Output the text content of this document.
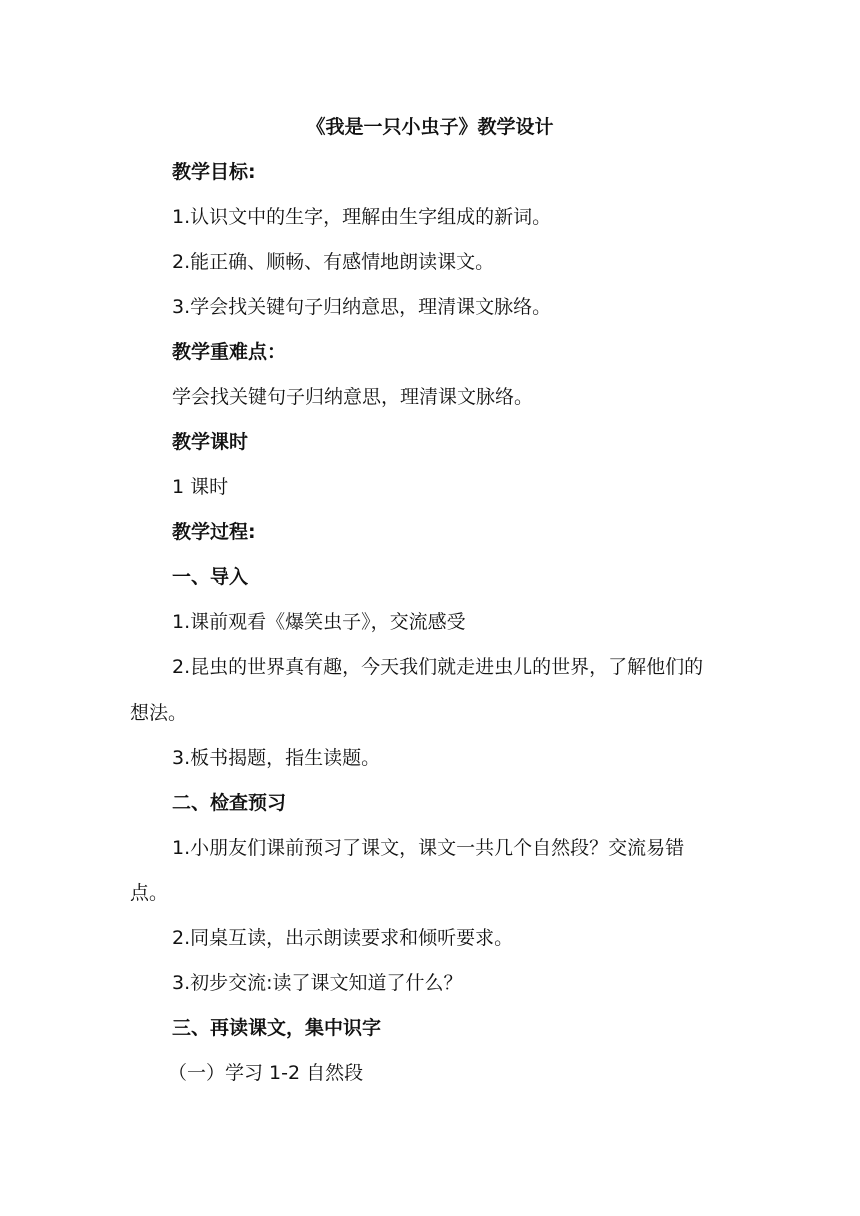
《我是一只小虫子》教学设计
教学目标:
1.认识文中的生字，理解由生字组成的新词。
2.能正确、顺畅、有感情地朗读课文。
3.学会找关键句子归纳意思，理清课文脉络。
教学重难点：
学会找关键句子归纳意思，理清课文脉络。
教学课时
1 课时
教学过程:
一、导入
1.课前观看《爆笑虫子》，交流感受
2.昆虫的世界真有趣，今天我们就走进虫儿的世界，了解他们的
想法。
3.板书揭题，指生读题。
二、检查预习
1.小朋友们课前预习了课文，课文一共几个自然段？交流易错
点。
2.同桌互读，出示朗读要求和倾听要求。
3.初步交流:读了课文知道了什么？
三、再读课文，集中识字
（一）学习 1-2 自然段
